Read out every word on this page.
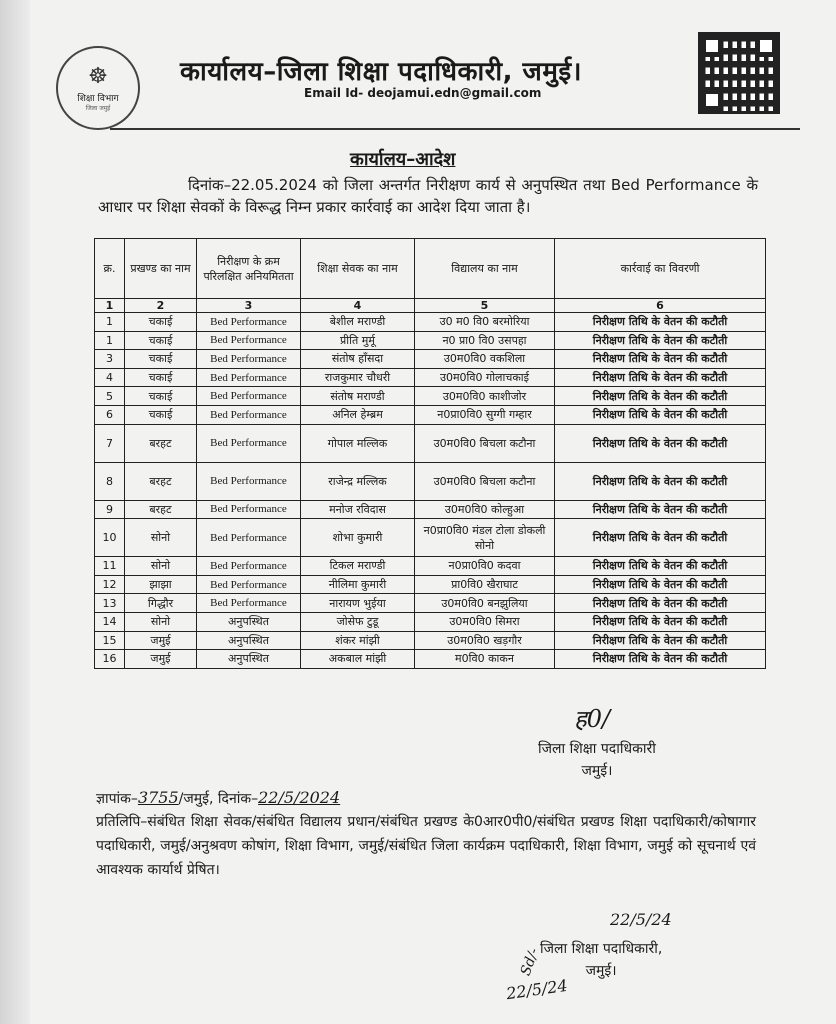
☸
शिक्षा विभाग
जिला जमुई
कार्यालय–जिला शिक्षा पदाधिकारी, जमुई।
Email Id- deojamui.edn@gmail.com
कार्यालय–आदेश
दिनांक–22.05.2024 को जिला अन्तर्गत निरीक्षण कार्य से अनुपस्थित तथा Bed Performance के आधार पर शिक्षा सेवकों के विरूद्ध निम्न प्रकार कार्रवाई का आदेश दिया जाता है।
क्र.	प्रखण्ड का नाम	निरीक्षण के क्रम परिलक्षित अनियमितता	शिक्षा सेवक का नाम	विद्यालय का नाम	कार्रवाई का विवरणी
1	2	3	4	5	6
1	चकाई	Bed Performance	बेशील मराण्डी	उ0 म0 वि0 बरमोरिया	निरीक्षण तिथि के वेतन की कटौती
1	चकाई	Bed Performance	प्रीति मुर्मू	न0 प्रा0 वि0 उसपहा	निरीक्षण तिथि के वेतन की कटौती
3	चकाई	Bed Performance	संतोष हाँसदा	उ0म0वि0 वकशिला	निरीक्षण तिथि के वेतन की कटौती
4	चकाई	Bed Performance	राजकुमार चौधरी	उ0म0वि0 गोलाचकाई	निरीक्षण तिथि के वेतन की कटौती
5	चकाई	Bed Performance	संतोष मराण्डी	उ0म0वि0 काशीजोर	निरीक्षण तिथि के वेतन की कटौती
6	चकाई	Bed Performance	अनिल हेम्ब्रम	न0प्रा0वि0 सुग्गी गम्हार	निरीक्षण तिथि के वेतन की कटौती
7	बरहट	Bed Performance	गोपाल मल्लिक	उ0म0वि0 बिचला कटौना	निरीक्षण तिथि के वेतन की कटौती
8	बरहट	Bed Performance	राजेन्द्र मल्लिक	उ0म0वि0 बिचला कटौना	निरीक्षण तिथि के वेतन की कटौती
9	बरहट	Bed Performance	मनोज रविदास	उ0म0वि0 कोल्हुआ	निरीक्षण तिथि के वेतन की कटौती
10	सोनो	Bed Performance	शोभा कुमारी	न0प्रा0वि0 मंडल टोला डोकली सोनो	निरीक्षण तिथि के वेतन की कटौती
11	सोनो	Bed Performance	टिकल मराण्डी	न0प्रा0वि0 कदवा	निरीक्षण तिथि के वेतन की कटौती
12	झाझा	Bed Performance	नीलिमा कुमारी	प्रा0वि0 खैराघाट	निरीक्षण तिथि के वेतन की कटौती
13	गिद्धौर	Bed Performance	नारायण भुईया	उ0म0वि0 बनझुलिया	निरीक्षण तिथि के वेतन की कटौती
14	सोनो	अनुपस्थित	जोसेफ टुडू	उ0म0वि0 सिमरा	निरीक्षण तिथि के वेतन की कटौती
15	जमुई	अनुपस्थित	शंकर मांझी	उ0म0वि0 खड़गौर	निरीक्षण तिथि के वेतन की कटौती
16	जमुई	अनुपस्थित	अकबाल मांझी	म0वि0 काकन	निरीक्षण तिथि के वेतन की कटौती
ह0/
जिला शिक्षा पदाधिकारी
जमुई।
ज्ञापांक–3755/जमुई, दिनांक–22/5/2024
प्रतिलिपि–संबंधित शिक्षा सेवक/संबंधित विद्यालय प्रधान/संबंधित प्रखण्ड के0आर0पी0/संबंधित प्रखण्ड शिक्षा पदाधिकारी/कोषागार पदाधिकारी, जमुई/अनुश्रवण कोषांग, शिक्षा विभाग, जमुई/संबंधित जिला कार्यक्रम पदाधिकारी, शिक्षा विभाग, जमुई को सूचनार्थ एवं आवश्यक कार्यार्थ प्रेषित।
22/5/24
Sd/-
22/5/24
जिला शिक्षा पदाधिकारी,
जमुई।
